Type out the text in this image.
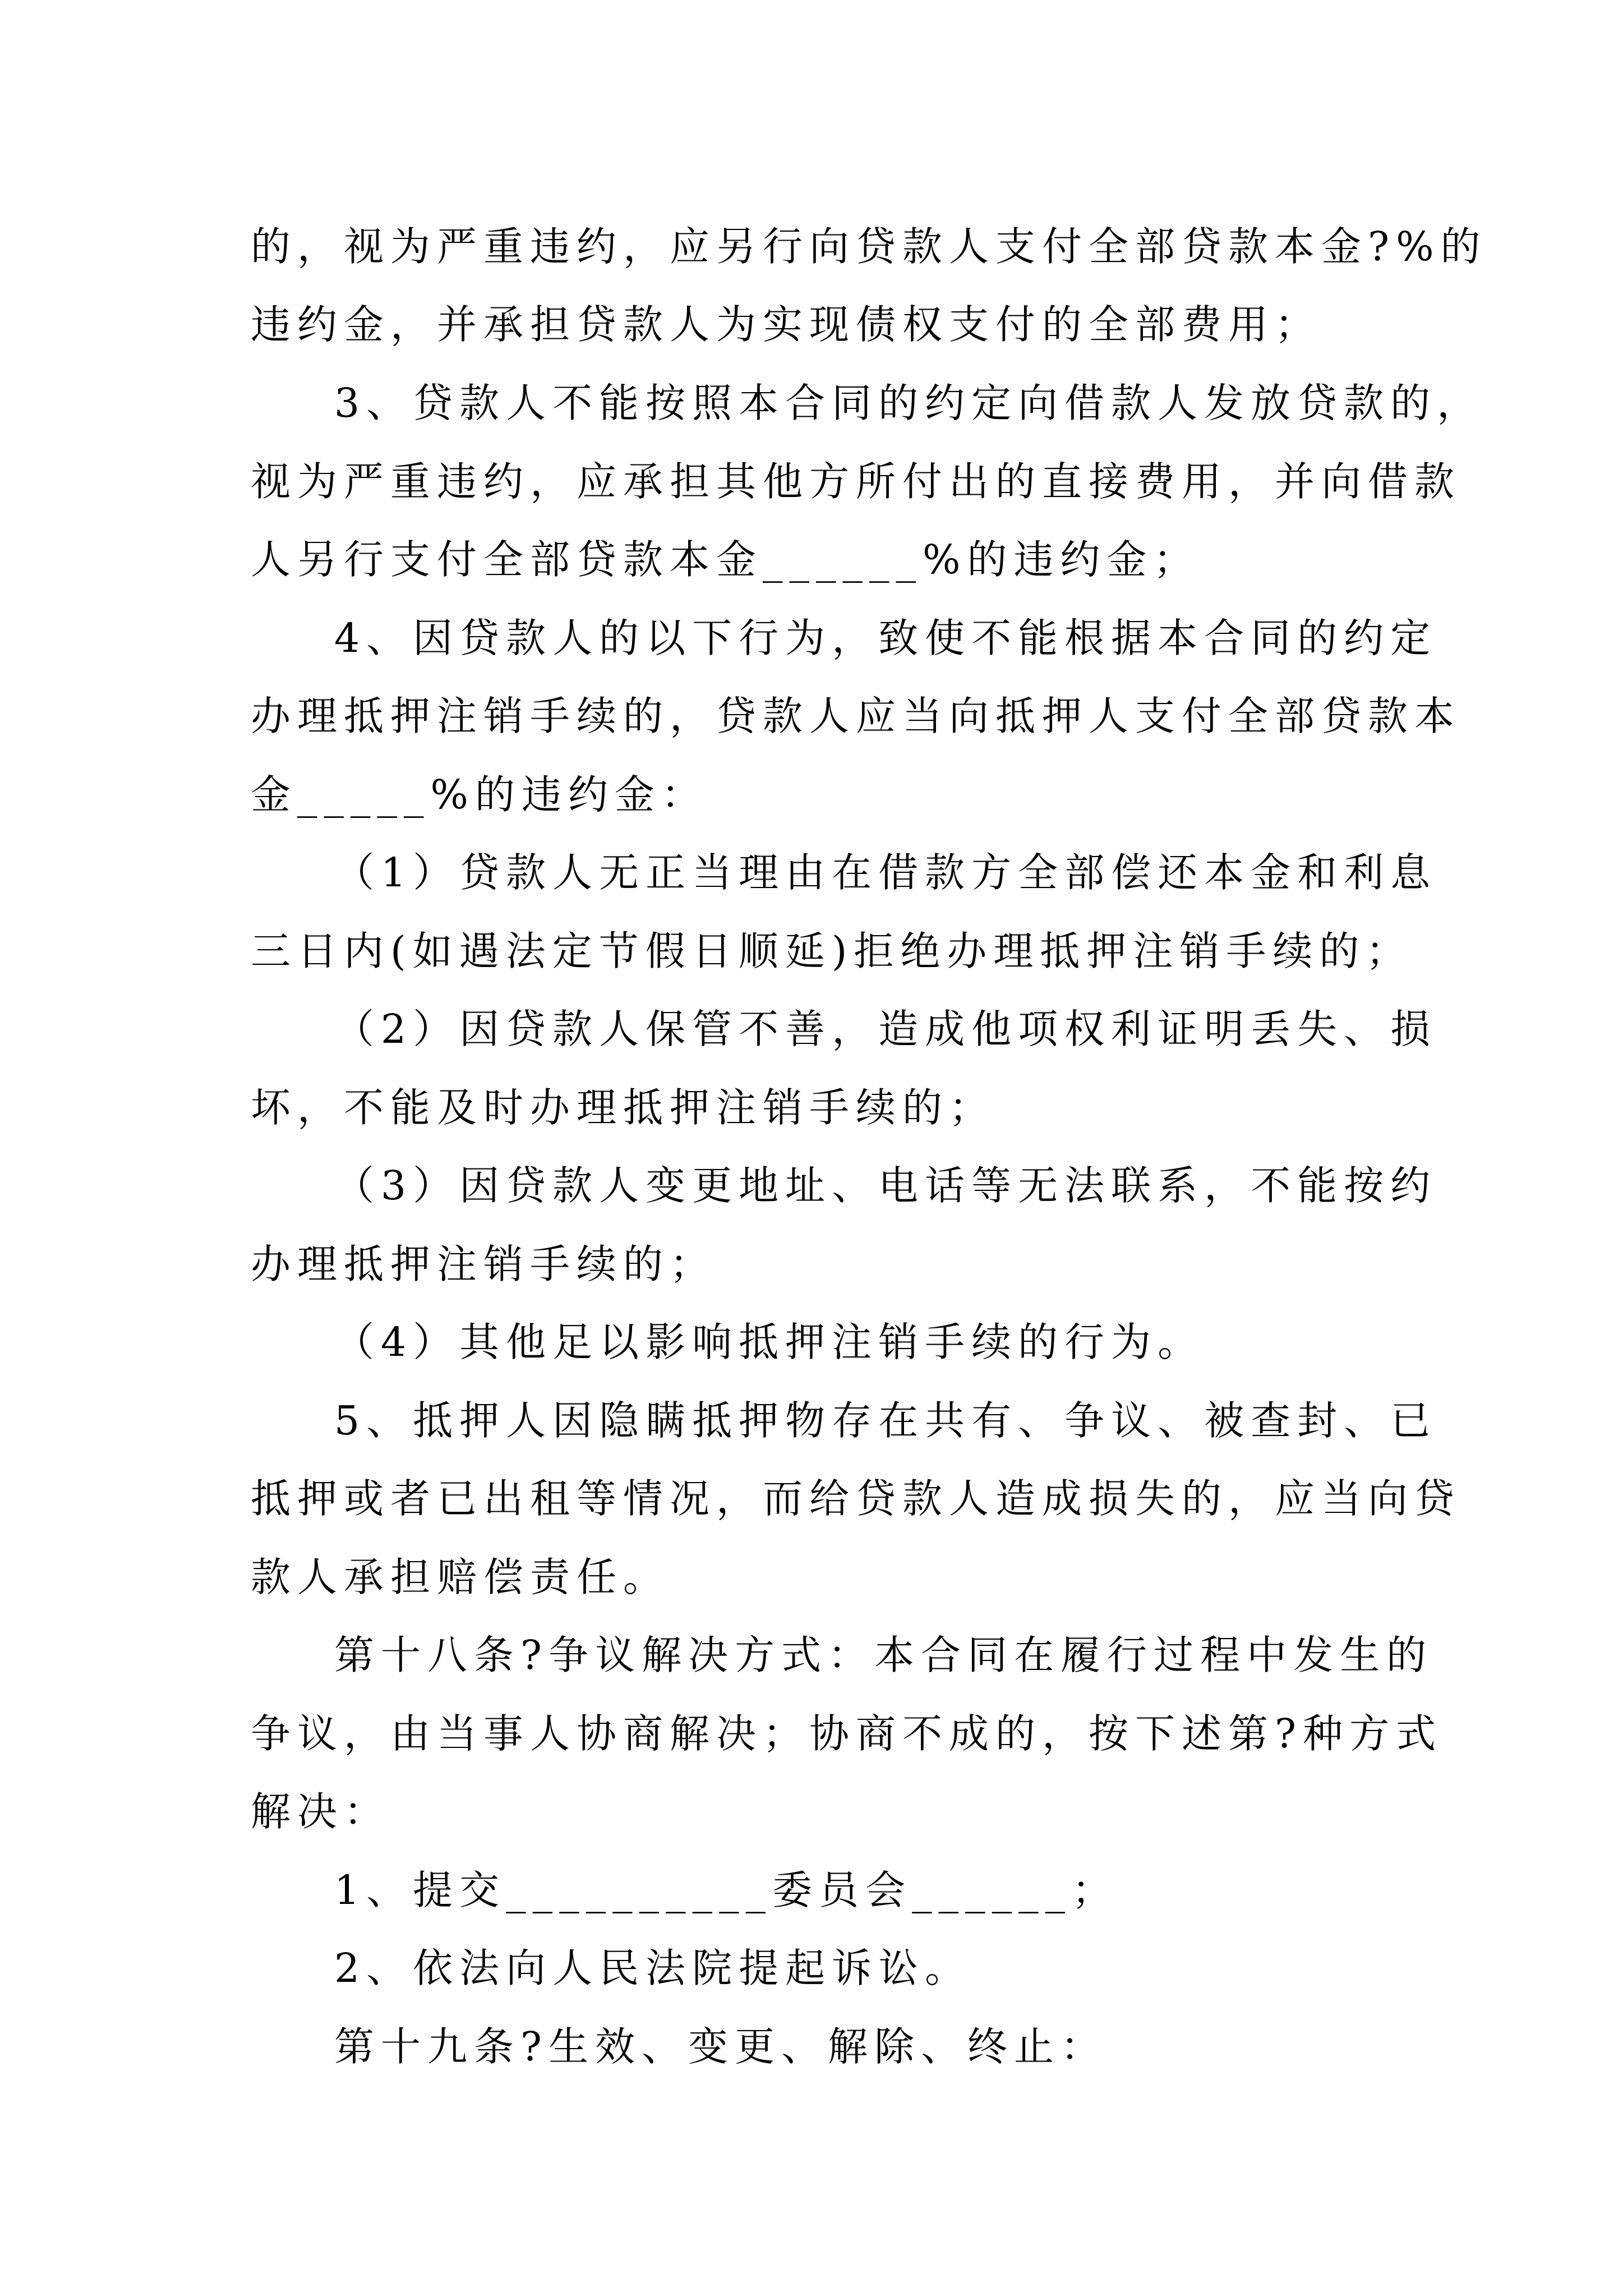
的，视为严重违约，应另行向贷款人支付全部贷款本金?%的
违约金，并承担贷款人为实现债权支付的全部费用；
3、贷款人不能按照本合同的约定向借款人发放贷款的，
视为严重违约，应承担其他方所付出的直接费用，并向借款
人另行支付全部贷款本金______%的违约金；
4、因贷款人的以下行为，致使不能根据本合同的约定
办理抵押注销手续的，贷款人应当向抵押人支付全部贷款本
金_____%的违约金：
（1）贷款人无正当理由在借款方全部偿还本金和利息
三日内(如遇法定节假日顺延)拒绝办理抵押注销手续的；
（2）因贷款人保管不善，造成他项权利证明丢失、损
坏，不能及时办理抵押注销手续的；
（3）因贷款人变更地址、电话等无法联系，不能按约
办理抵押注销手续的；
（4）其他足以影响抵押注销手续的行为。
5、抵押人因隐瞒抵押物存在共有、争议、被查封、已
抵押或者已出租等情况，而给贷款人造成损失的，应当向贷
款人承担赔偿责任。
第十八条?争议解决方式：本合同在履行过程中发生的
争议，由当事人协商解决；协商不成的，按下述第?种方式
解决：
1、提交__________委员会______；
2、依法向人民法院提起诉讼。
第十九条?生效、变更、解除、终止：
